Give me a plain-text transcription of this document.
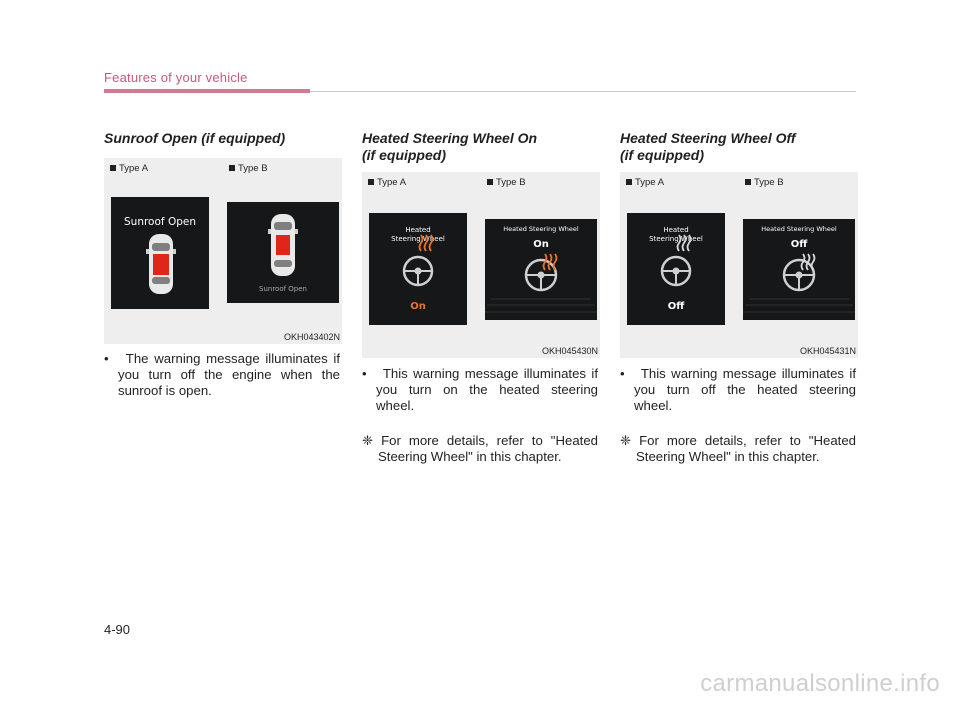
Features of your vehicle
Sunroof Open (if equipped)
Type A	Type B
Sunroof Open
Sunroof Open
OKH043402N

• The warning message illuminates if you turn off the engine when the sunroof is open.

Heated Steering Wheel On
(if equipped)
Type A	Type B
Heated
Steering Wheel
On
Heated Steering Wheel
On
OKH045430N

• This warning message illuminates if you turn on the heated steering wheel.

❈ For more details, refer to "Heated Steering Wheel" in this chapter.

Heated Steering Wheel Off
(if equipped)
Type A	Type B
Heated
Steering Wheel
Off
Heated Steering Wheel
Off
OKH045431N

• This warning message illuminates if you turn off the heated steering wheel.

❈ For more details, refer to "Heated Steering Wheel" in this chapter.

4-90
carmanualsonline.info
